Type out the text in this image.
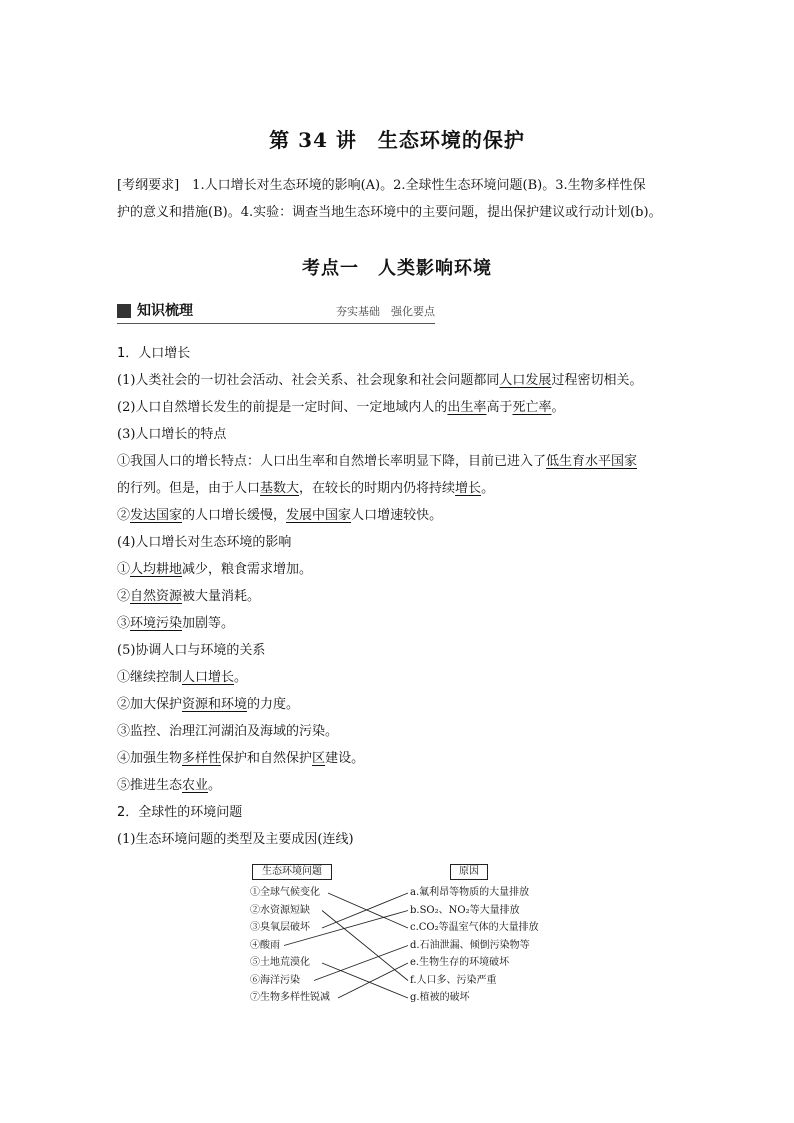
第 34 讲　生态环境的保护

[考纲要求]　 1.人口增长对生态环境的影响(A)。2.全球性生态环境问题(B)。3.生物多样性保

护的意义和措施(B)。4.实验：调查当地生态环境中的主要问题，提出保护建议或行动计划(b)。

考点一　人类影响环境
知识梳理	夯实基础　强化要点

1．人口增长

(1)人类社会的一切社会活动、社会关系、社会现象和社会问题都同人口发展过程密切相关。

(2)人口自然增长发生的前提是一定时间、一定地域内人的出生率高于死亡率。

(3)人口增长的特点

①我国人口的增长特点：人口出生率和自然增长率明显下降，目前已进入了低生育水平国家

的行列。但是，由于人口基数大，在较长的时期内仍将持续增长。

②发达国家的人口增长缓慢，发展中国家人口增速较快。

(4)人口增长对生态环境的影响

①人均耕地减少，粮食需求增加。

②自然资源被大量消耗。

③环境污染加剧等。

(5)协调人口与环境的关系

①继续控制人口增长。

②加大保护资源和环境的力度。

③监控、治理江河湖泊及海域的污染。

④加强生物多样性保护和自然保护区建设。

⑤推进生态农业。

2．全球性的环境问题

(1)生态环境问题的类型及主要成因(连线)

生态环境问题	原因
①全球气候变化
②水资源短缺
③臭氧层破坏
④酸雨
⑤土地荒漠化
⑥海洋污染
⑦生物多样性锐减
a.氟利昂等物质的大量排放
b.SO₂、NO₂等大量排放
c.CO₂等温室气体的大量排放
d.石油泄漏、倾倒污染物等
e.生物生存的环境破坏
f.人口多、污染严重
g.植被的破坏
